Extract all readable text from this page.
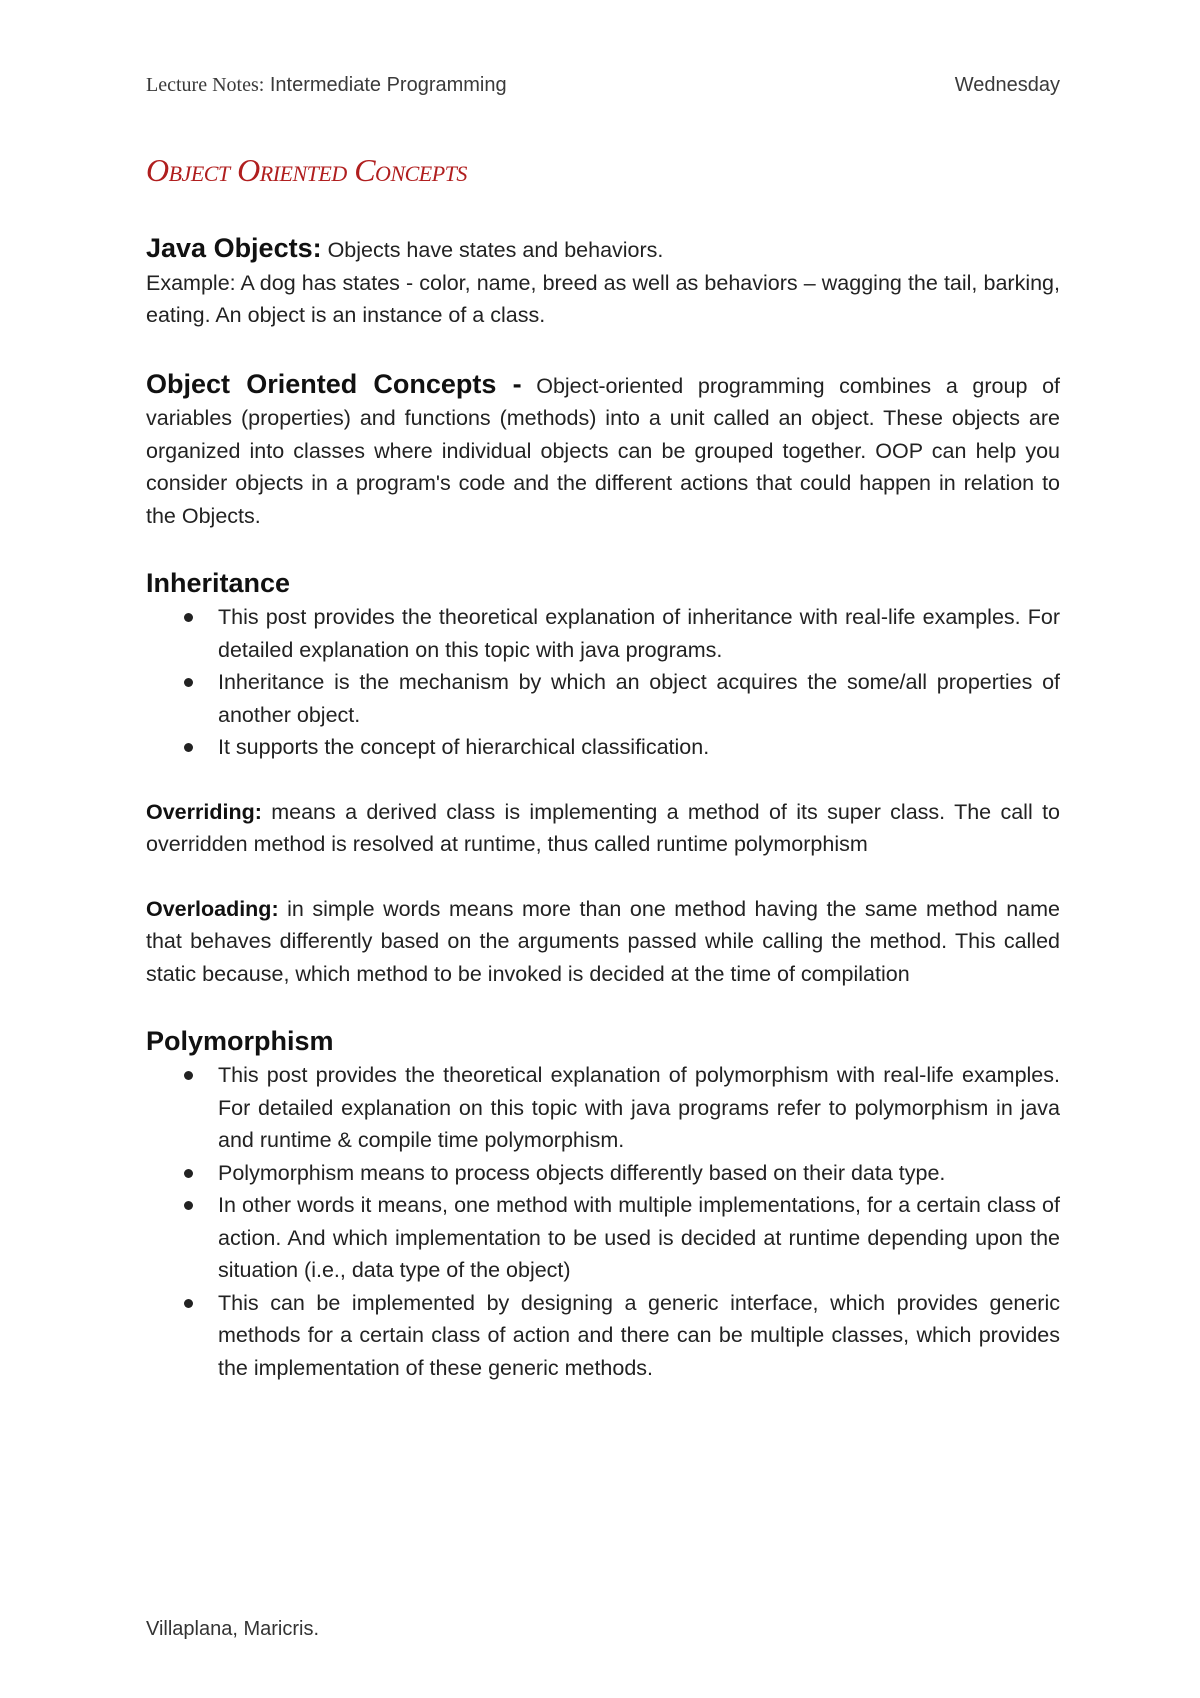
Lecture Notes: Intermediate Programming	Wednesday
Object Oriented Concepts

Java Objects: Objects have states and behaviors.

Example: A dog has states - color, name, breed as well as behaviors – wagging the tail, barking, eating. An object is an instance of a class.

Object Oriented Concepts - Object-oriented programming combines a group of variables (properties) and functions (methods) into a unit called an object. These objects are organized into classes where individual objects can be grouped together. OOP can help you consider objects in a program's code and the different actions that could happen in relation to the Objects.

Inheritance
This post provides the theoretical explanation of inheritance with real-life examples. For detailed explanation on this topic with java programs.
Inheritance is the mechanism by which an object acquires the some/all properties of another object.
It supports the concept of hierarchical classification.

Overriding: means a derived class is implementing a method of its super class. The call to overridden method is resolved at runtime, thus called runtime polymorphism

Overloading: in simple words means more than one method having the same method name that behaves differently based on the arguments passed while calling the method. This called static because, which method to be invoked is decided at the time of compilation

Polymorphism
This post provides the theoretical explanation of polymorphism with real-life examples. For detailed explanation on this topic with java programs refer to polymorphism in java and runtime & compile time polymorphism.
Polymorphism means to process objects differently based on their data type.
In other words it means, one method with multiple implementations, for a certain class of action. And which implementation to be used is decided at runtime depending upon the situation (i.e., data type of the object)
This can be implemented by designing a generic interface, which provides generic methods for a certain class of action and there can be multiple classes, which provides the implementation of these generic methods.
Villaplana, Maricris.
